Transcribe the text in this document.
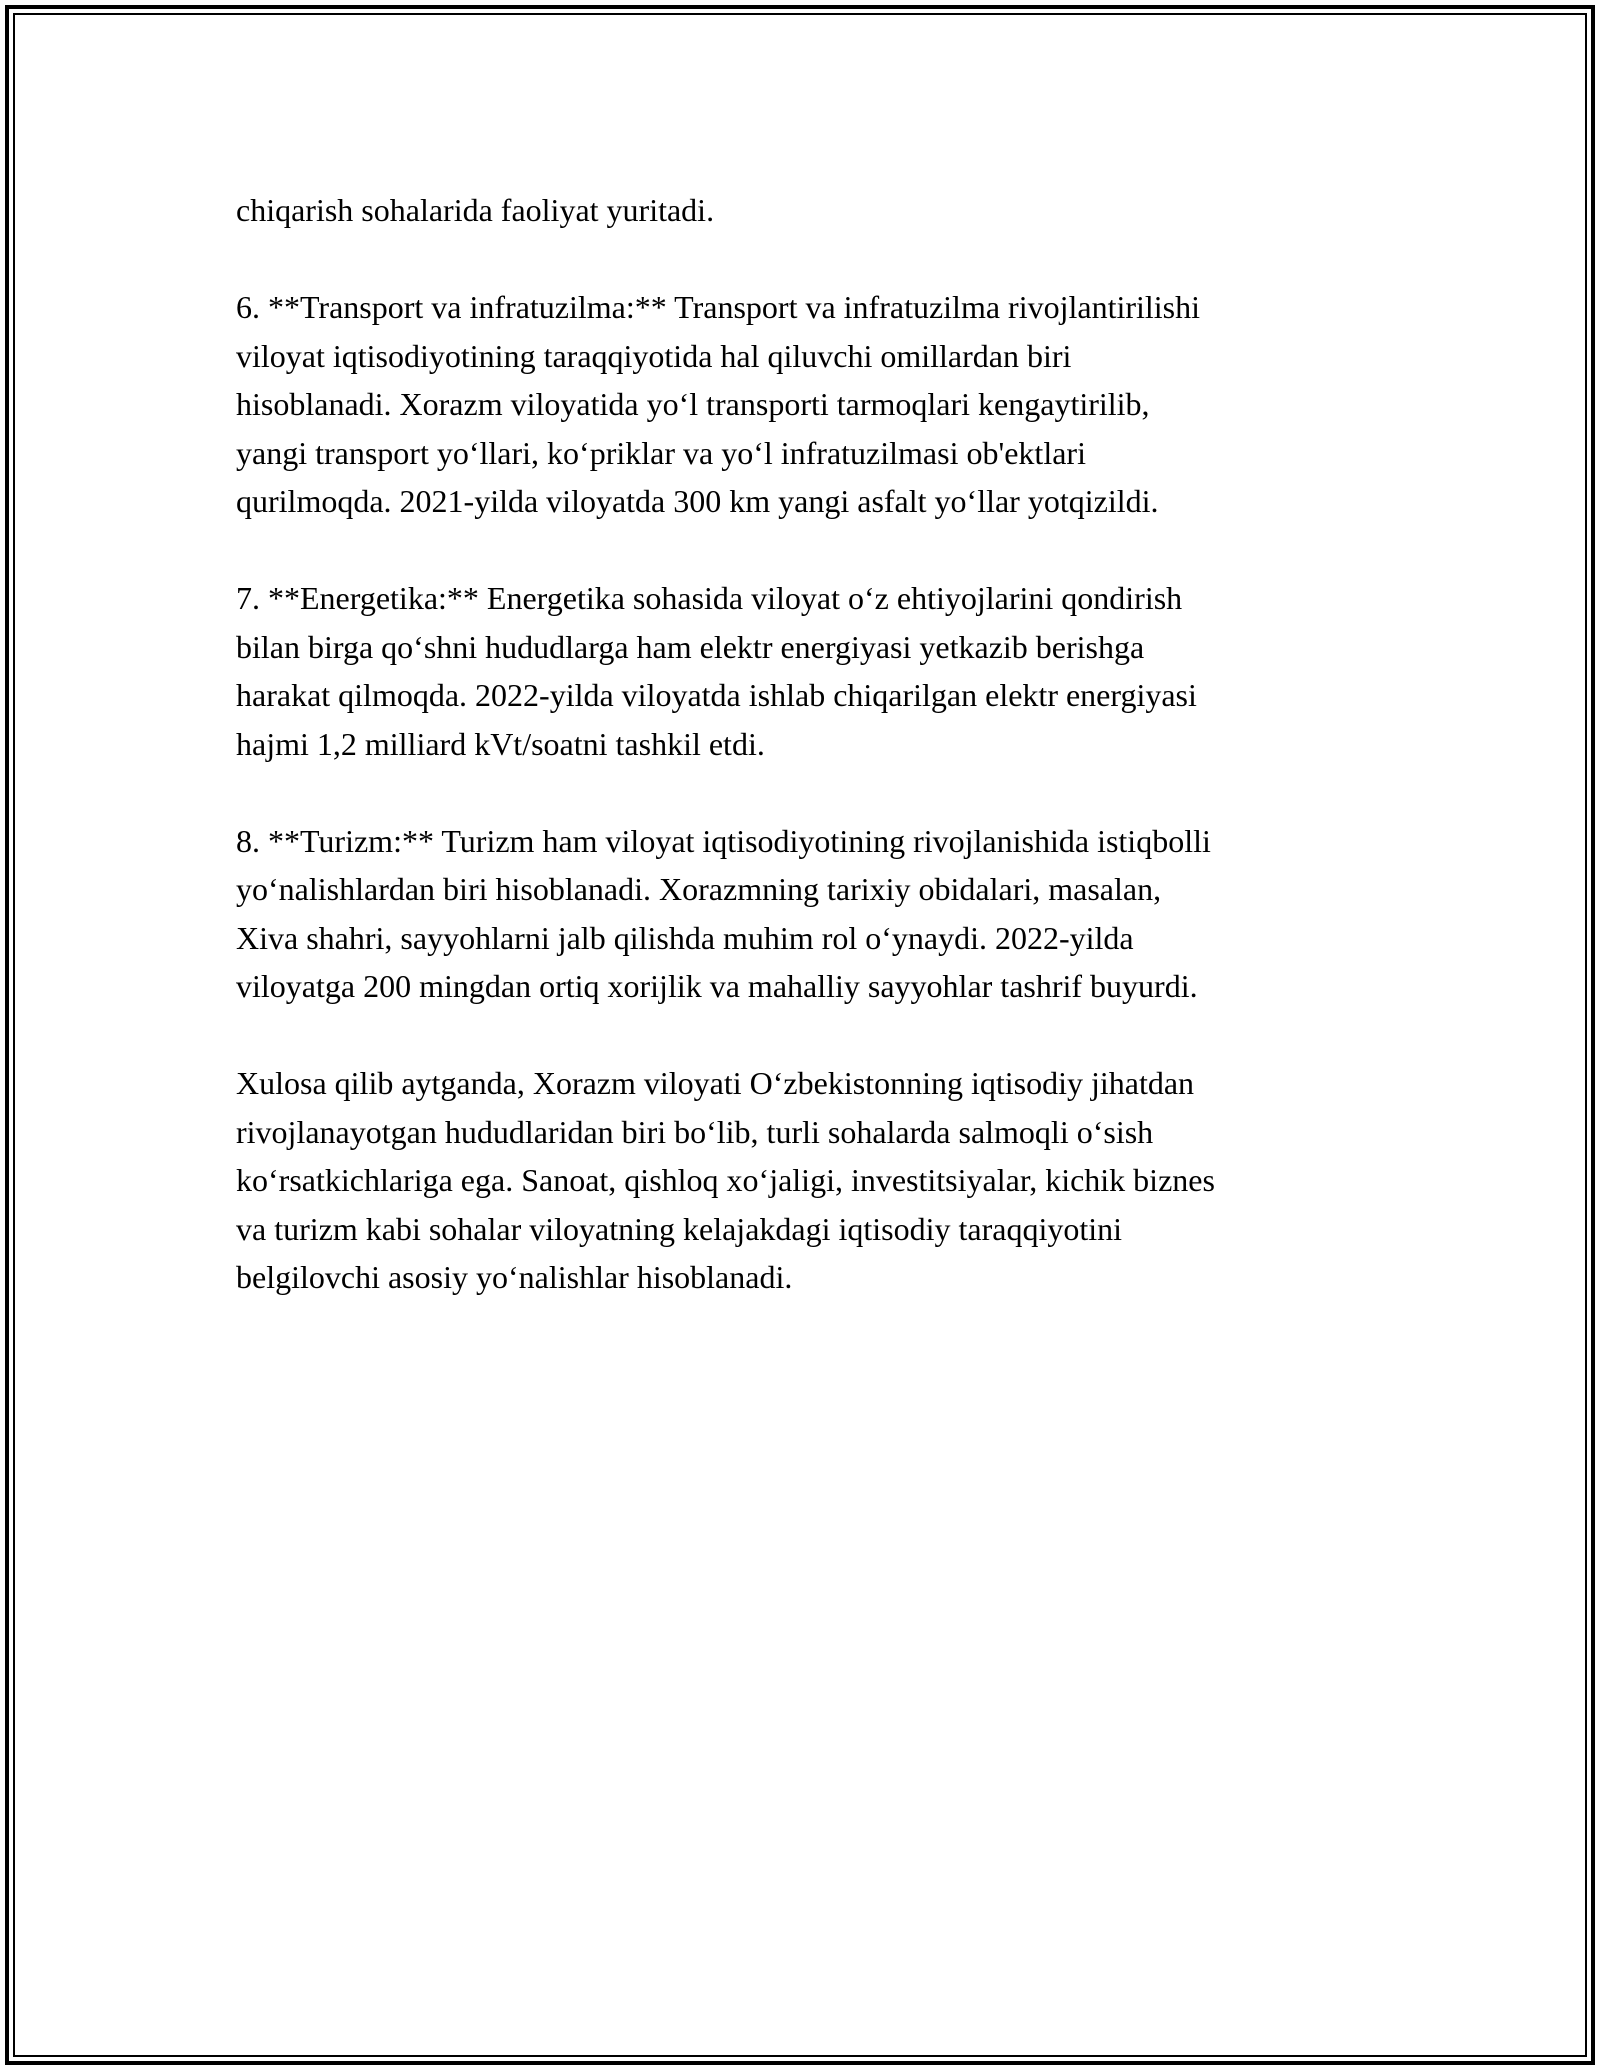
chiqarish sohalarida faoliyat yuritadi.

6. **Transport va infratuzilma:** Transport va infratuzilma rivojlantirilishi
viloyat iqtisodiyotining taraqqiyotida hal qiluvchi omillardan biri
hisoblanadi. Xorazm viloyatida yo‘l transporti tarmoqlari kengaytirilib,
yangi transport yo‘llari, ko‘priklar va yo‘l infratuzilmasi ob'ektlari
qurilmoqda. 2021-yilda viloyatda 300 km yangi asfalt yo‘llar yotqizildi.

7. **Energetika:** Energetika sohasida viloyat o‘z ehtiyojlarini qondirish
bilan birga qo‘shni hududlarga ham elektr energiyasi yetkazib berishga
harakat qilmoqda. 2022-yilda viloyatda ishlab chiqarilgan elektr energiyasi
hajmi 1,2 milliard kVt/soatni tashkil etdi.

8. **Turizm:** Turizm ham viloyat iqtisodiyotining rivojlanishida istiqbolli
yo‘nalishlardan biri hisoblanadi. Xorazmning tarixiy obidalari, masalan,
Xiva shahri, sayyohlarni jalb qilishda muhim rol o‘ynaydi. 2022-yilda
viloyatga 200 mingdan ortiq xorijlik va mahalliy sayyohlar tashrif buyurdi.

Xulosa qilib aytganda, Xorazm viloyati O‘zbekistonning iqtisodiy jihatdan
rivojlanayotgan hududlaridan biri bo‘lib, turli sohalarda salmoqli o‘sish
ko‘rsatkichlariga ega. Sanoat, qishloq xo‘jaligi, investitsiyalar, kichik biznes
va turizm kabi sohalar viloyatning kelajakdagi iqtisodiy taraqqiyotini
belgilovchi asosiy yo‘nalishlar hisoblanadi.
